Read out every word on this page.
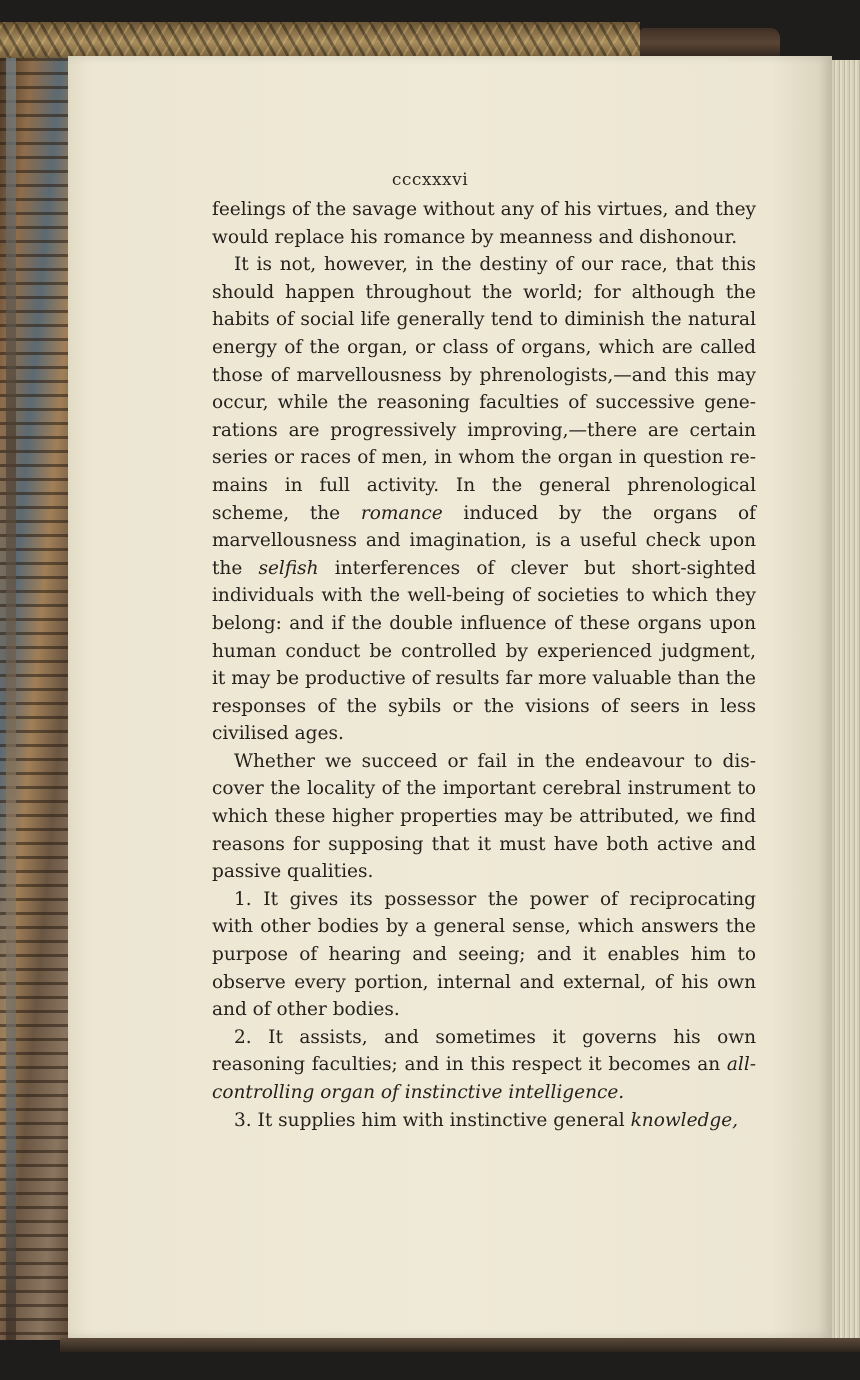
cccxxxvi

feelings of the savage without any of his virtues, and they would replace his romance by meanness and dishonour.

It is not, however, in the destiny of our race, that this should happen throughout the world; for although the habits of social life generally tend to diminish the natural energy of the organ, or class of organs, which are called those of marvellousness by phrenologists,—and this may occur, while the reasoning faculties of successive generations are progressively improving,—there are certain series or races of men, in whom the organ in question remains in full activity. In the general phrenological scheme, the romance induced by the organs of marvellousness and imagination, is a useful check upon the selfish interferences of clever but short-sighted individuals with the well-being of societies to which they belong: and if the double influence of these organs upon human conduct be controlled by experienced judgment, it may be productive of results far more valuable than the responses of the sybils or the visions of seers in less civilised ages.

Whether we succeed or fail in the endeavour to discover the locality of the important cerebral instrument to which these higher properties may be attributed, we find reasons for supposing that it must have both active and passive qualities.

1. It gives its possessor the power of reciprocating with other bodies by a general sense, which answers the purpose of hearing and seeing; and it enables him to observe every portion, internal and external, of his own and of other bodies.

2. It assists, and sometimes it governs his own reasoning faculties; and in this respect it becomes an all-controlling organ of instinctive intelligence.

3. It supplies him with instinctive general knowledge,
